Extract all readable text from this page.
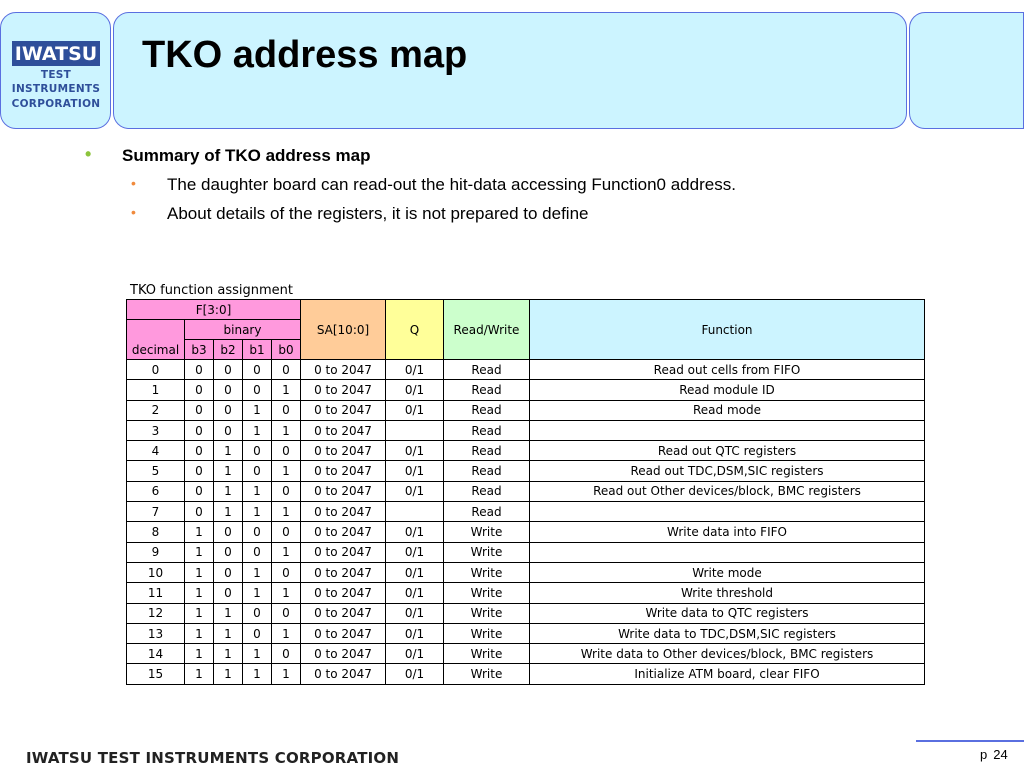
IWATSU
TEST
INSTRUMENTS
CORPORATION
TKO address map
• Summary of TKO address map
• The daughter board can read-out the hit-data accessing Function0 address.
• About details of the registers, it is not prepared to define
TKO function assignment
F[3:0]					SA[10:0]	Q	Read/Write	Function
decimal	binary							
	b3	b2	b1	b0				
0	0	0	0	0	0 to 2047	0/1	Read	Read out cells from FIFO
1	0	0	0	1	0 to 2047	0/1	Read	Read module ID
2	0	0	1	0	0 to 2047	0/1	Read	Read mode
3	0	0	1	1	0 to 2047		Read	
4	0	1	0	0	0 to 2047	0/1	Read	Read out QTC registers
5	0	1	0	1	0 to 2047	0/1	Read	Read out TDC,DSM,SIC registers
6	0	1	1	0	0 to 2047	0/1	Read	Read out Other devices/block, BMC registers
7	0	1	1	1	0 to 2047		Read	
8	1	0	0	0	0 to 2047	0/1	Write	Write data into FIFO
9	1	0	0	1	0 to 2047	0/1	Write	
10	1	0	1	0	0 to 2047	0/1	Write	Write mode
11	1	0	1	1	0 to 2047	0/1	Write	Write threshold
12	1	1	0	0	0 to 2047	0/1	Write	Write data to QTC registers
13	1	1	0	1	0 to 2047	0/1	Write	Write data to TDC,DSM,SIC registers
14	1	1	1	0	0 to 2047	0/1	Write	Write data to Other devices/block, BMC registers
15	1	1	1	1	0 to 2047	0/1	Write	Initialize ATM board, clear FIFO
IWATSU TEST INSTRUMENTS CORPORATION	p 24
